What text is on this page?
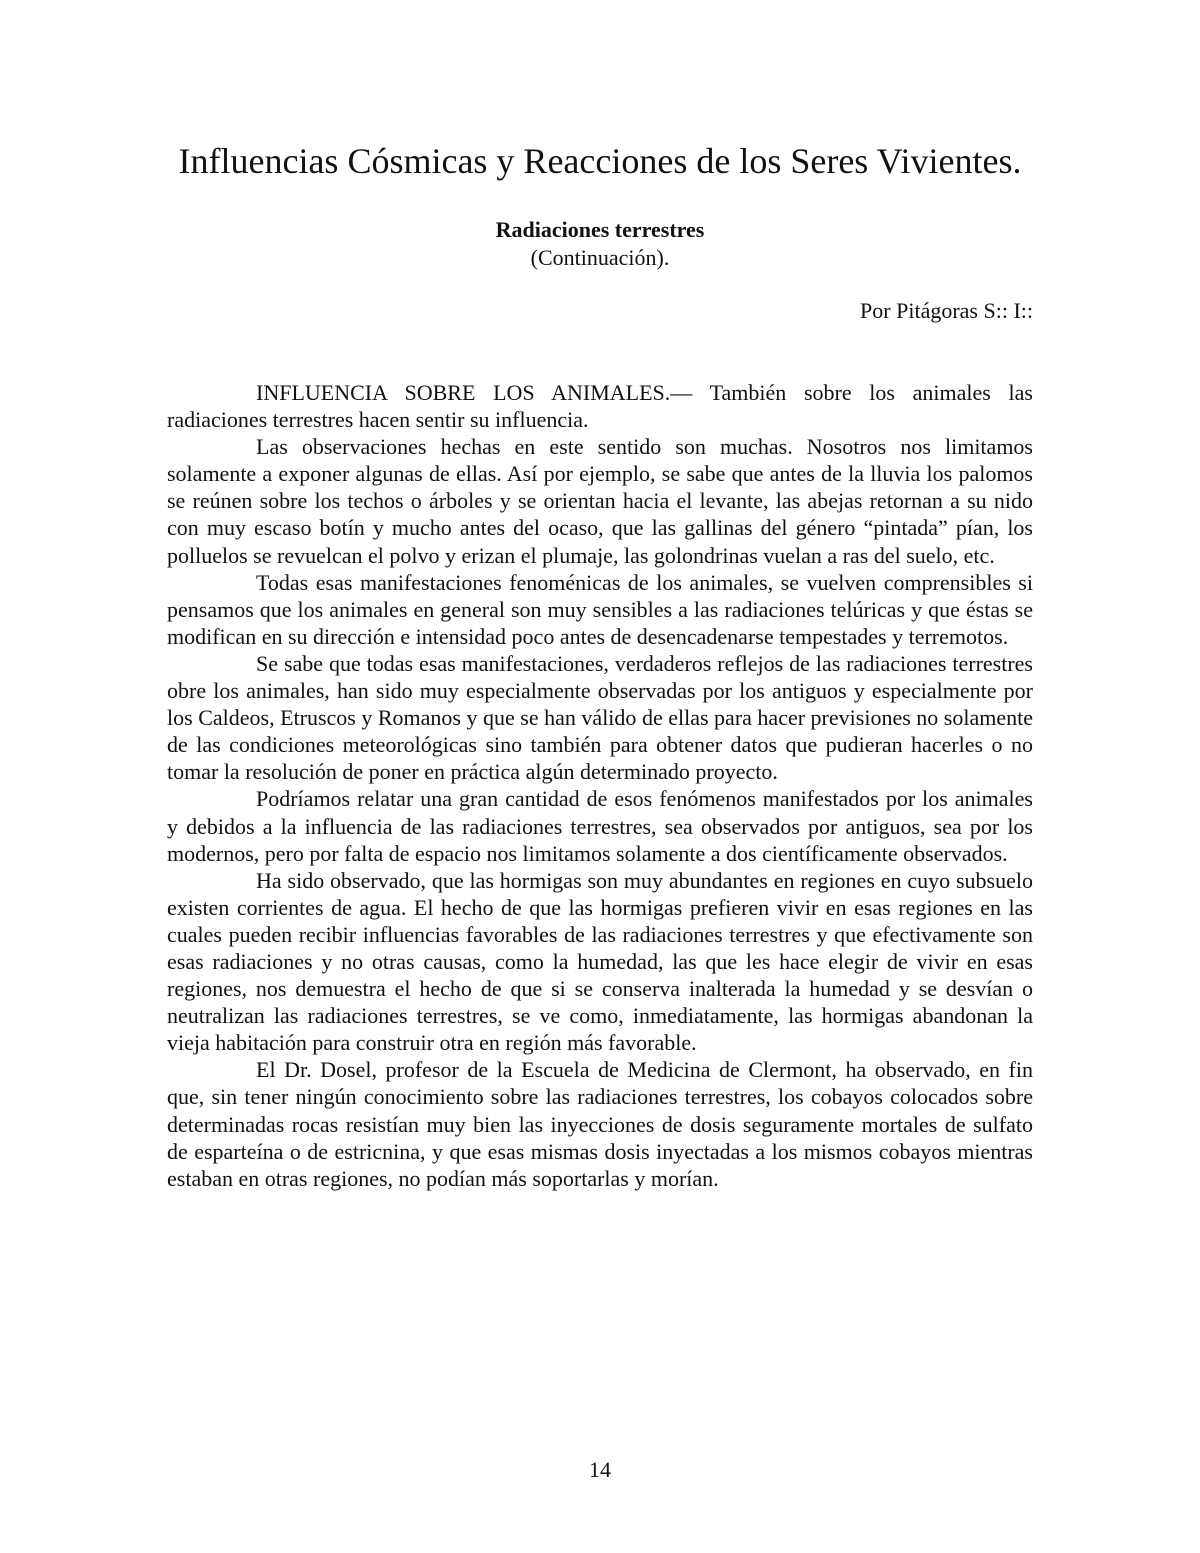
Influencias Cósmicas y Reacciones de los Seres Vivientes.
Radiaciones terrestres
(Continuación).
Por Pitágoras S:: I::

INFLUENCIA SOBRE LOS ANIMALES.— También sobre los animales las radiaciones terrestres hacen sentir su influencia.

Las observaciones hechas en este sentido son muchas. Nosotros nos limitamos solamente a exponer algunas de ellas. Así por ejemplo, se sabe que antes de la lluvia los palomos se reúnen sobre los techos o árboles y se orientan hacia el levante, las abejas retornan a su nido con muy escaso botín y mucho antes del ocaso, que las gallinas del género “pintada” pían, los polluelos se revuelcan el polvo y erizan el plumaje, las golondrinas vuelan a ras del suelo, etc.

Todas esas manifestaciones fenoménicas de los animales, se vuelven comprensibles si pensamos que los animales en general son muy sensibles a las radiaciones telúricas y que éstas se modifican en su dirección e intensidad poco antes de desencadenarse tempestades y terremotos.

Se sabe que todas esas manifestaciones, verdaderos reflejos de las radiaciones terrestres obre los animales, han sido muy especialmente observadas por los antiguos y especialmente por los Caldeos, Etruscos y Romanos y que se han válido de ellas para hacer previsiones no solamente de las condiciones meteorológicas sino también para obtener datos que pudieran hacerles o no tomar la resolución de poner en práctica algún determinado proyecto.

Podríamos relatar una gran cantidad de esos fenómenos manifestados por los animales y debidos a la influencia de las radiaciones terrestres, sea observados por antiguos, sea por los modernos, pero por falta de espacio nos limitamos solamente a dos científicamente observados.

Ha sido observado, que las hormigas son muy abundantes en regiones en cuyo subsuelo existen corrientes de agua. El hecho de que las hormigas prefieren vivir en esas regiones en las cuales pueden recibir influencias favorables de las radiaciones terrestres y que efectivamente son esas radiaciones y no otras causas, como la humedad, las que les hace elegir de vivir en esas regiones, nos demuestra el hecho de que si se conserva inalterada la humedad y se desvían o neutralizan las radiaciones terrestres, se ve como, inmediatamente, las hormigas abandonan la vieja habitación para construir otra en región más favorable.

El Dr. Dosel, profesor de la Escuela de Medicina de Clermont, ha observado, en fin que, sin tener ningún conocimiento sobre las radiaciones terrestres, los cobayos colocados sobre determinadas rocas resistían muy bien las inyecciones de dosis seguramente mortales de sulfato de esparteína o de estricnina, y que esas mismas dosis inyectadas a los mismos cobayos mientras estaban en otras regiones, no podían más soportarlas y morían.

14
